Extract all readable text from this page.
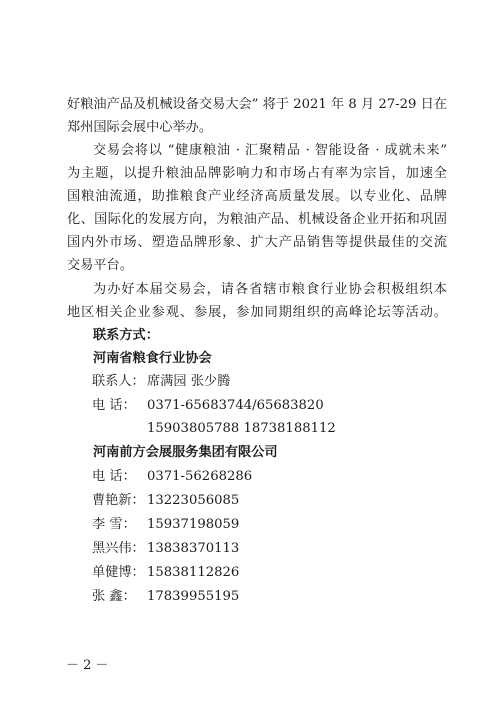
好粮油产品及机械设备交易大会” 将于 2021 年 8 月 27-29 日在
郑州国际会展中心举办。
交易会将以 “健康粮油 · 汇聚精品 · 智能设备 · 成就未来”
为主题，以提升粮油品牌影响力和市场占有率为宗旨，加速全
国粮油流通，助推粮食产业经济高质量发展。以专业化、品牌
化、国际化的发展方向，为粮油产品、机械设备企业开拓和巩固
国内外市场、塑造品牌形象、扩大产品销售等提供最佳的交流
交易平台。
为办好本届交易会，请各省辖市粮食行业协会积极组织本
地区相关企业参观、参展，参加同期组织的高峰论坛等活动。
联系方式：
河南省粮食行业协会
联系人： 席满园 张少腾
电 话： 0371-65683744/65683820
15903805788 18738188112
河南前方会展服务集团有限公司
电 话： 0371-56268286
曹艳新： 13223056085
李 雪： 15937198059
黑兴伟： 13838370113
单健博： 15838112826
张 鑫： 17839955195
－ 2 －
